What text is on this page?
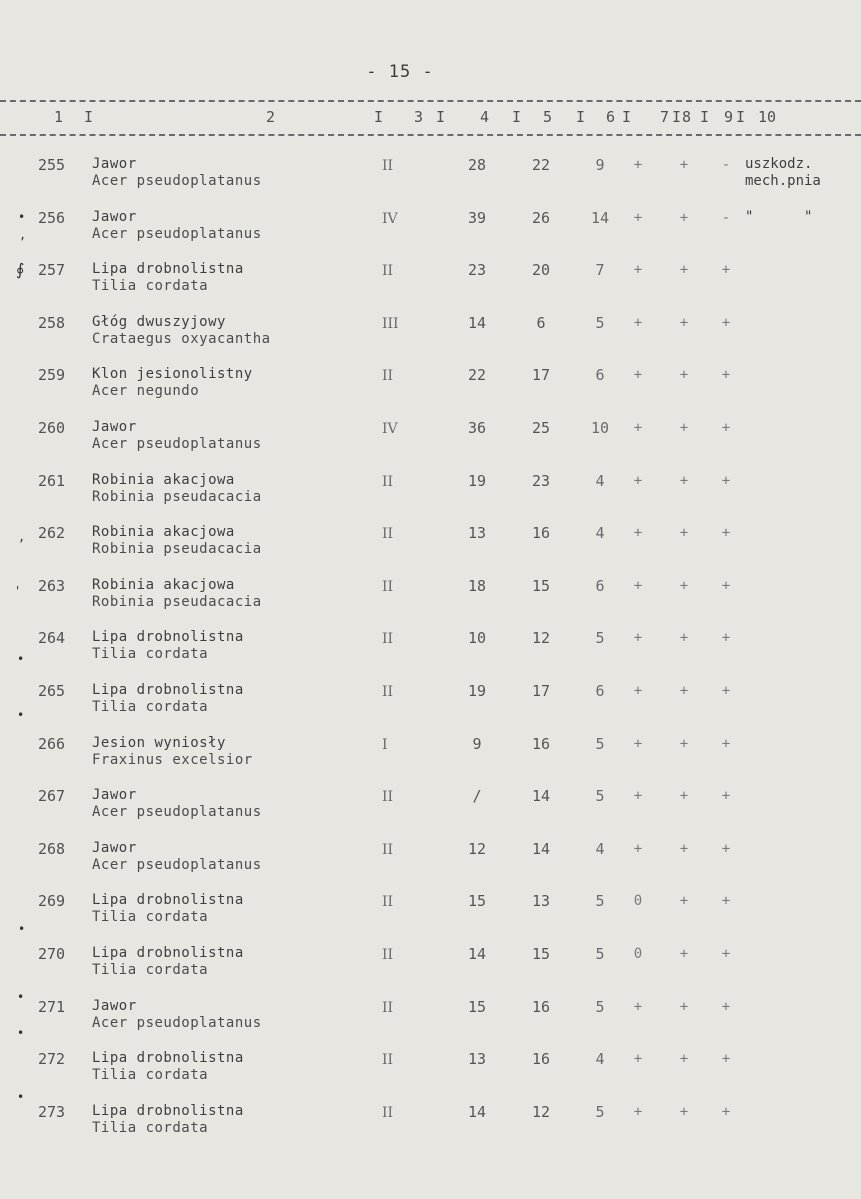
- 15 -
1 I	2	I 3 I 4 I 5 I 6 I 7 I 8 I 9 I 10
255 Jawor
Acer pseudoplatanus
II	28	22	9	+	+	-	uszkodz.
mech.pnia
256 Jawor
Acer pseudoplatanus
IV	39	26	14	+	+	-	"      "
257 Lipa drobnolistna
Tilia cordata
II	23	20	7	+	+	+
258 Głóg dwuszyjowy
Crataegus oxyacantha
III	14	6	5	+	+	+
259 Klon jesionolistny
Acer negundo
II	22	17	6	+	+	+
260 Jawor
Acer pseudoplatanus
IV	36	25	10	+	+	+
261 Robinia akacjowa
Robinia pseudacacia
II	19	23	4	+	+	+
262 Robinia akacjowa
Robinia pseudacacia
II	13	16	4	+	+	+
263 Robinia akacjowa
Robinia pseudacacia
II	18	15	6	+	+	+
264 Lipa drobnolistna
Tilia cordata
II	10	12	5	+	+	+
265 Lipa drobnolistna
Tilia cordata
II	19	17	6	+	+	+
266 Jesion wyniosły
Fraxinus excelsior
I	9	16	5	+	+	+
267 Jawor
Acer pseudoplatanus
II	/	14	5	+	+	+
268 Jawor
Acer pseudoplatanus
II	12	14	4	+	+	+
269 Lipa drobnolistna
Tilia cordata
II	15	13	5	0	+	+
270 Lipa drobnolistna
Tilia cordata
II	14	15	5	0	+	+
271 Jawor
Acer pseudoplatanus
II	15	16	5	+	+	+
272 Lipa drobnolistna
Tilia cordata
II	13	16	4	+	+	+
273 Lipa drobnolistna
Tilia cordata
II	14	12	5	+	+	+
•
,
∮
,
'
•
•
•
•
•
•
